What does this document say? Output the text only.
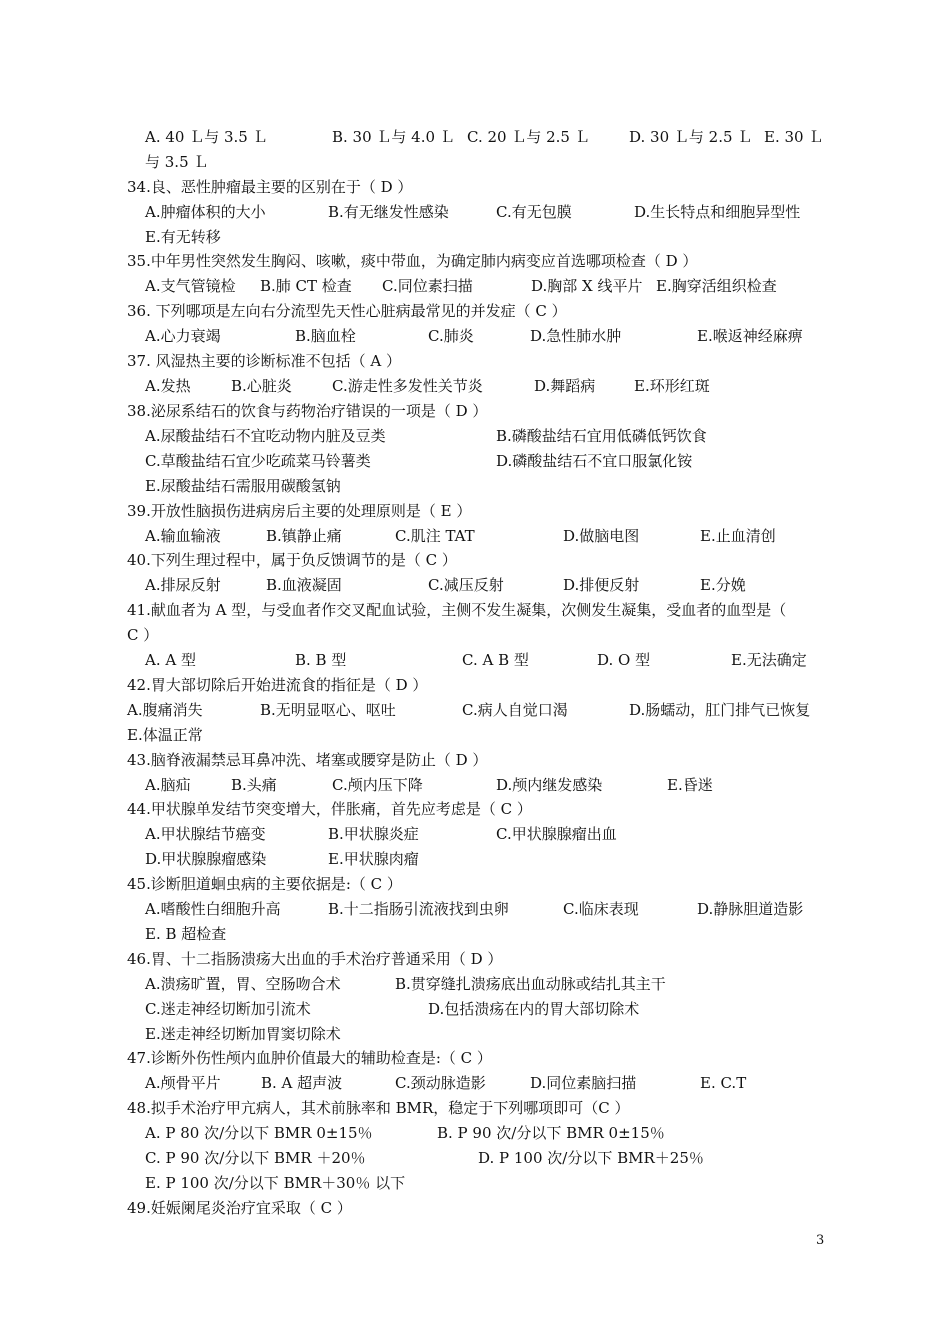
A. 40 Ｌ与 3.5 Ｌ	B. 30 Ｌ与 4.0 Ｌ C. 20 Ｌ与 2.5 Ｌ	D. 30 Ｌ与 2.5 Ｌ E. 30 Ｌ
与 3.5 Ｌ
34.良、恶性肿瘤最主要的区别在于（ D ）
A.肿瘤体积的大小	B.有无继发性感染	C.有无包膜	D.生长特点和细胞异型性
E.有无转移
35.中年男性突然发生胸闷、咳嗽，痰中带血，为确定肺内病变应首选哪项检查（ D ）
A.支气管镜检 B.肺 CT 检查 C.同位素扫描	D.胸部 X 线平片 E.胸穿活组织检查
36. 下列哪项是左向右分流型先天性心脏病最常见的并发症（ C ）
A.心力衰竭	B.脑血栓	C.肺炎	D.急性肺水肿	E.喉返神经麻痹
37. 风湿热主要的诊断标准不包括（ A ）
A.发热	B.心脏炎	C.游走性多发性关节炎	D.舞蹈病	E.环形红斑
38.泌尿系结石的饮食与药物治疗错误的一项是（ D ）
A.尿酸盐结石不宜吃动物内脏及豆类	B.磷酸盐结石宜用低磷低钙饮食
C.草酸盐结石宜少吃疏菜马铃薯类	D.磷酸盐结石不宜口服氯化铵
E.尿酸盐结石需服用碳酸氢钠
39.开放性脑损伤进病房后主要的处理原则是（ E ）
A.输血输液	B.镇静止痛	C.肌注 TAT	D.做脑电图	E.止血清创
40.下列生理过程中，属于负反馈调节的是（ C ）
A.排尿反射	B.血液凝固	C.减压反射	D.排便反射	E.分娩
41.献血者为 A 型，与受血者作交叉配血试验，主侧不发生凝集，次侧发生凝集，受血者的血型是（
C ）
A. A 型	B. B 型	C. A B 型	D. O 型	E.无法确定
42.胃大部切除后开始进流食的指征是（ D ）
A.腹痛消失	B.无明显呕心、呕吐	C.病人自觉口渴	D.肠蠕动，肛门排气已恢复
E.体温正常
43.脑脊液漏禁忌耳鼻冲洗、堵塞或腰穿是防止（ D ）
A.脑疝	B.头痛	C.颅内压下降	D.颅内继发感染	E.昏迷
44.甲状腺单发结节突变增大，伴胀痛，首先应考虑是（ C ）
A.甲状腺结节癌变	B.甲状腺炎症	C.甲状腺腺瘤出血
D.甲状腺腺瘤感染	E.甲状腺肉瘤
45.诊断胆道蛔虫病的主要依据是:（ C ）
A.嗜酸性白细胞升高	B.十二指肠引流液找到虫卵	C.临床表现	D.静脉胆道造影
E. B 超检查
46.胃、十二指肠溃疡大出血的手术治疗普通采用（ D ）
A.溃疡旷置，胃、空肠吻合术	B.贯穿缝扎溃疡底出血动脉或结扎其主干
C.迷走神经切断加引流术	D.包括溃疡在内的胃大部切除术
E.迷走神经切断加胃窦切除术
47.诊断外伤性颅内血肿价值最大的辅助检查是:（ C ）
A.颅骨平片	B. A 超声波	C.颈动脉造影	D.同位素脑扫描	E. C.T
48.拟手术治疗甲亢病人，其术前脉率和 BMR，稳定于下列哪项即可（C ）
A. P 80 次/分以下 BMR 0±15％	B. P 90 次/分以下 BMR 0±15％
C. P 90 次/分以下 BMR ＋20％	D. P 100 次/分以下 BMR＋25％
E. P 100 次/分以下 BMR＋30％ 以下
49.妊娠阑尾炎治疗宜采取（ C ）
3
